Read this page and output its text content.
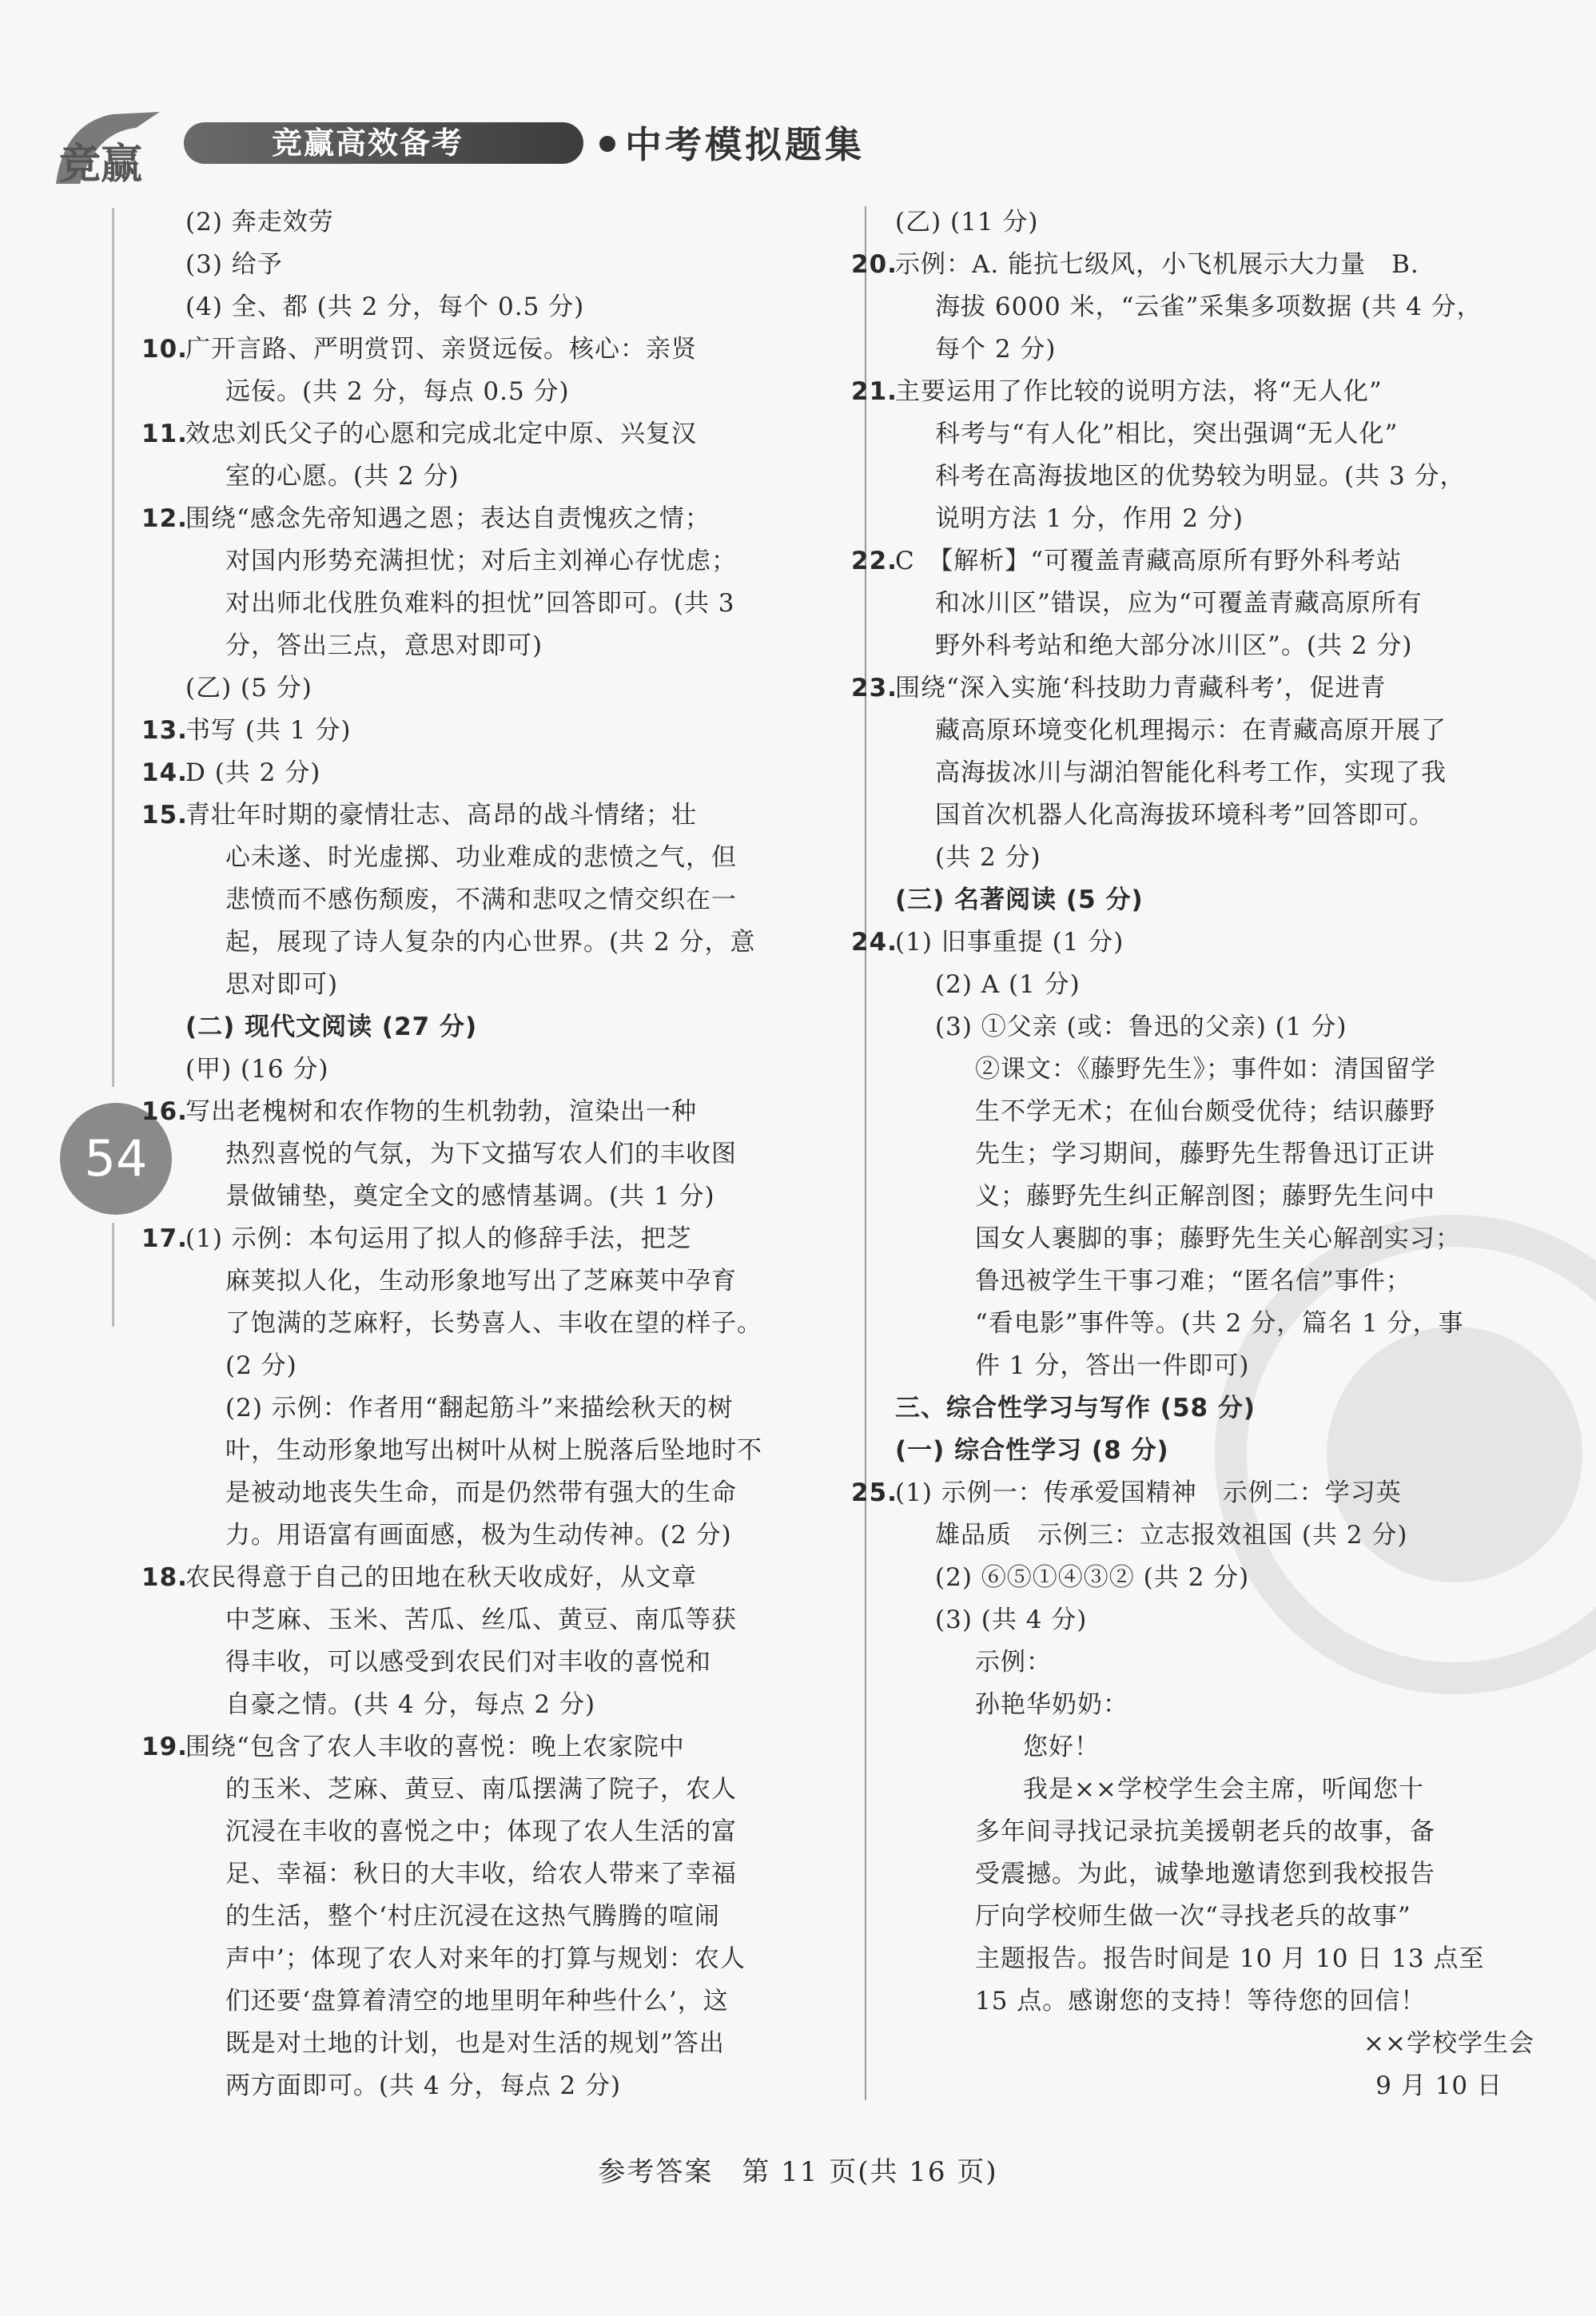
竞赢	竞赢高效备考	中考模拟题集
54
(2) 奔走效劳
(3) 给予
(4) 全、都 (共 2 分，每个 0.5 分)
10.广开言路、严明赏罚、亲贤远佞。核心：亲贤
远佞。(共 2 分，每点 0.5 分)
11.效忠刘氏父子的心愿和完成北定中原、兴复汉
室的心愿。(共 2 分)
12.围绕“感念先帝知遇之恩；表达自责愧疚之情；
对国内形势充满担忧；对后主刘禅心存忧虑；
对出师北伐胜负难料的担忧”回答即可。(共 3
分，答出三点，意思对即可)
(乙) (5 分)
13.书写 (共 1 分)
14.D (共 2 分)
15.青壮年时期的豪情壮志、高昂的战斗情绪；壮
心未遂、时光虚掷、功业难成的悲愤之气，但
悲愤而不感伤颓废，不满和悲叹之情交织在一
起，展现了诗人复杂的内心世界。(共 2 分，意
思对即可)
(二) 现代文阅读 (27 分)
(甲) (16 分)
16.写出老槐树和农作物的生机勃勃，渲染出一种
热烈喜悦的气氛，为下文描写农人们的丰收图
景做铺垫，奠定全文的感情基调。(共 1 分)
17.(1) 示例：本句运用了拟人的修辞手法，把芝
麻荚拟人化，生动形象地写出了芝麻荚中孕育
了饱满的芝麻籽，长势喜人、丰收在望的样子。
(2 分)
(2) 示例：作者用“翻起筋斗”来描绘秋天的树
叶，生动形象地写出树叶从树上脱落后坠地时不
是被动地丧失生命，而是仍然带有强大的生命
力。用语富有画面感，极为生动传神。(2 分)
18.农民得意于自己的田地在秋天收成好，从文章
中芝麻、玉米、苦瓜、丝瓜、黄豆、南瓜等获
得丰收，可以感受到农民们对丰收的喜悦和
自豪之情。(共 4 分，每点 2 分)
19.围绕“包含了农人丰收的喜悦：晚上农家院中
的玉米、芝麻、黄豆、南瓜摆满了院子，农人
沉浸在丰收的喜悦之中；体现了农人生活的富
足、幸福：秋日的大丰收，给农人带来了幸福
的生活，整个‘村庄沉浸在这热气腾腾的喧闹
声中’；体现了农人对来年的打算与规划：农人
们还要‘盘算着清空的地里明年种些什么’，这
既是对土地的计划，也是对生活的规划”答出
两方面即可。(共 4 分，每点 2 分)
(乙) (11 分)
20.示例：A. 能抗七级风，小飞机展示大力量　B.
海拔 6000 米，“云雀”采集多项数据 (共 4 分，
每个 2 分)
21.主要运用了作比较的说明方法，将“无人化”
科考与“有人化”相比，突出强调“无人化”
科考在高海拔地区的优势较为明显。(共 3 分，
说明方法 1 分，作用 2 分)
22.C　【解析】“可覆盖青藏高原所有野外科考站
和冰川区”错误，应为“可覆盖青藏高原所有
野外科考站和绝大部分冰川区”。(共 2 分)
23.围绕“深入实施‘科技助力青藏科考’，促进青
藏高原环境变化机理揭示：在青藏高原开展了
高海拔冰川与湖泊智能化科考工作，实现了我
国首次机器人化高海拔环境科考”回答即可。
(共 2 分)
(三) 名著阅读 (5 分)
24.(1) 旧事重提 (1 分)
(2) A (1 分)
(3) ①父亲 (或：鲁迅的父亲) (1 分)
②课文：《藤野先生》；事件如：清国留学
生不学无术；在仙台颇受优待；结识藤野
先生；学习期间，藤野先生帮鲁迅订正讲
义；藤野先生纠正解剖图；藤野先生问中
国女人裹脚的事；藤野先生关心解剖实习；
鲁迅被学生干事刁难；“匿名信”事件；
“看电影”事件等。(共 2 分，篇名 1 分，事
件 1 分，答出一件即可)
三、综合性学习与写作 (58 分)
(一) 综合性学习 (8 分)
25.(1) 示例一：传承爱国精神　示例二：学习英
雄品质　示例三：立志报效祖国 (共 2 分)
(2) ⑥⑤①④③② (共 2 分)
(3) (共 4 分)
示例：
孙艳华奶奶：
您好！
我是××学校学生会主席，听闻您十
多年间寻找记录抗美援朝老兵的故事，备
受震撼。为此，诚挚地邀请您到我校报告
厅向学校师生做一次“寻找老兵的故事”
主题报告。报告时间是 10 月 10 日 13 点至
15 点。感谢您的支持！等待您的回信！
××学校学生会
9 月 10 日
参考答案　第 11 页(共 16 页)
